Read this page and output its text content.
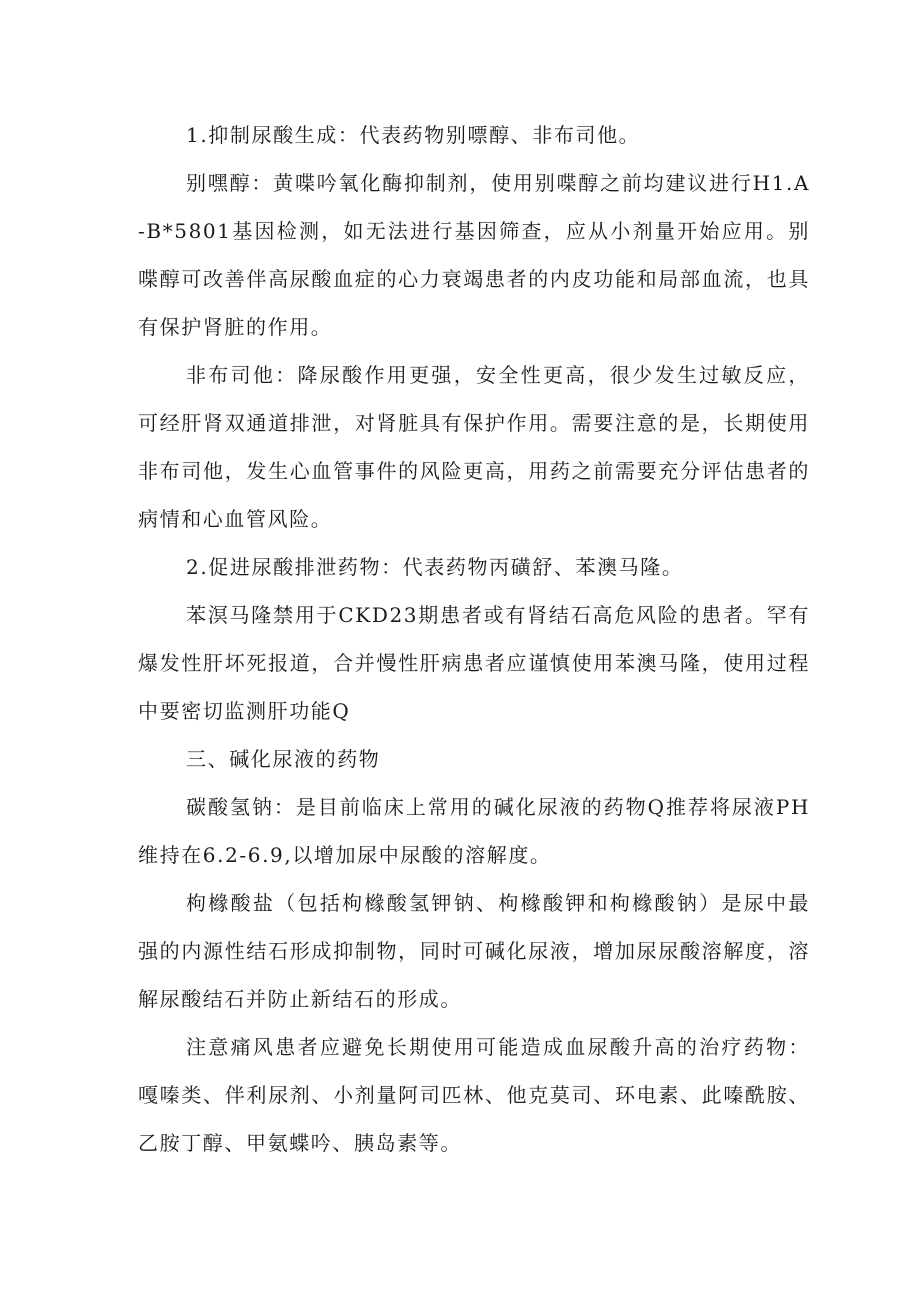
1.抑制尿酸生成：代表药物别嘌醇、非布司他。

别嘿醇：黄喋吟氧化酶抑制剂，使用别喋醇之前均建议进行H1.A-B*5801基因检测，如无法进行基因筛查，应从小剂量开始应用。别喋醇可改善伴高尿酸血症的心力衰竭患者的内皮功能和局部血流，也具有保护肾脏的作用。

非布司他：降尿酸作用更强，安全性更高，很少发生过敏反应，可经肝肾双通道排泄，对肾脏具有保护作用。需要注意的是，长期使用非布司他，发生心血管事件的风险更高，用药之前需要充分评估患者的病情和心血管风险。

2.促进尿酸排泄药物：代表药物丙磺舒、苯澳马隆。

苯溟马隆禁用于CKD23期患者或有肾结石高危风险的患者。罕有爆发性肝坏死报道，合并慢性肝病患者应谨慎使用苯澳马隆，使用过程中要密切监测肝功能Q

三、碱化尿液的药物

碳酸氢钠：是目前临床上常用的碱化尿液的药物Q推荐将尿液PH维持在6.2-6.9,以增加尿中尿酸的溶解度。

枸橼酸盐（包括枸橼酸氢钾钠、枸橼酸钾和枸橼酸钠）是尿中最强的内源性结石形成抑制物，同时可碱化尿液，增加尿尿酸溶解度，溶解尿酸结石并防止新结石的形成。

注意痛风患者应避免长期使用可能造成血尿酸升高的治疗药物：嘎嗪类、伴利尿剂、小剂量阿司匹林、他克莫司、环电素、此嗪酰胺、乙胺丁醇、甲氨蝶吟、胰岛素等。
